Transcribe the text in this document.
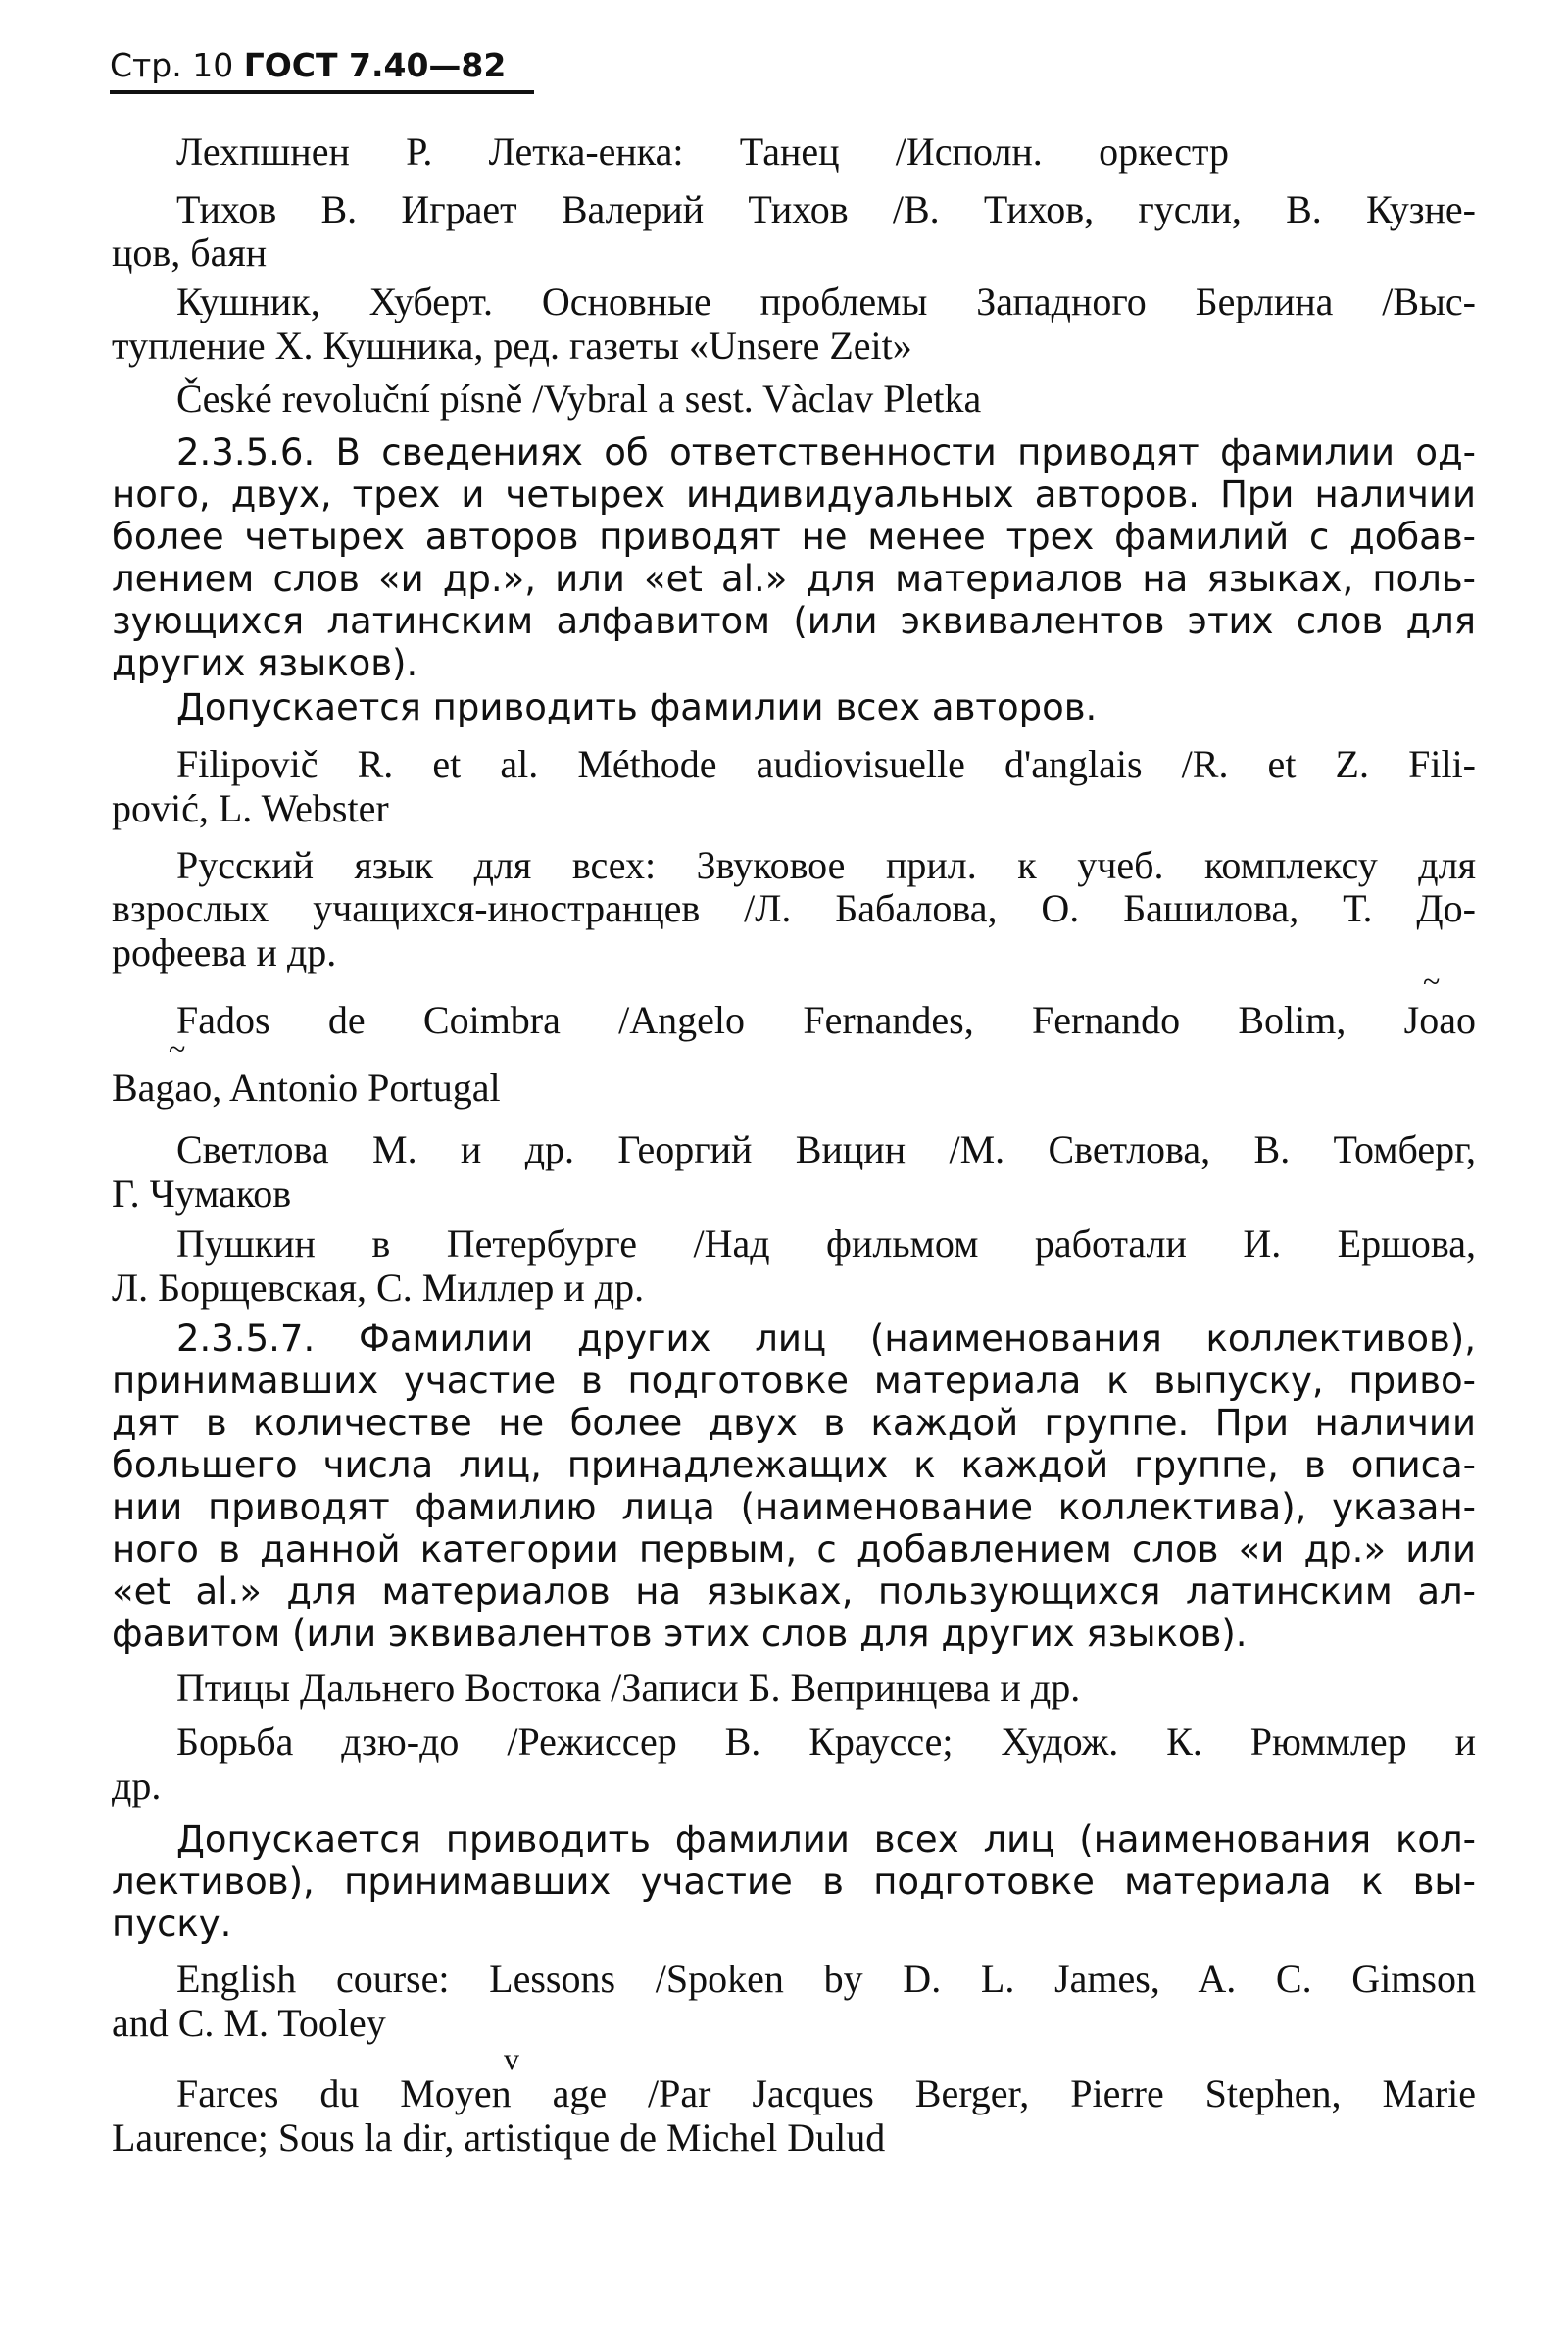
Стр. 10 ГОСТ 7.40—82
Лехпшнен Р. Летка-енка: Танец /Исполн. оркестр
Тихов В. Играет Валерий Тихов /В. Тихов, гусли, В. Кузне-
цов, баян
Кушник, Хуберт. Основные проблемы Западного Берлина /Выс-
тупление X. Кушника, ред. газеты «Unsere Zeit»
České revoluční písně /Vybral a sest. Vàclav Pletka
2.3.5.6. В сведениях об ответственности приводят фамилии од-
ного, двух, трех и четырех индивидуальных авторов. При наличии
более четырех авторов приводят не менее трех фамилий с добав-
лением слов «и др.», или «et al.» для материалов на языках, поль-
зующихся латинским алфавитом (или эквивалентов этих слов для
других языков).
Допускается приводить фамилии всех авторов.
Filipovič R. et al. Méthode audiovisuelle d'anglais /R. et Z. Fili-
pović, L. Webster
Русский язык для всех: Звуковое прил. к учеб. комплексу для
взрослых учащихся-иностранцев /Л. Бабалова, О. Башилова, Т. До-
рофеева и др.
~
Fados de Coimbra /Angelo Fernandes, Fernando Bolim, Joao
~
Bagao, Antonio Portugal
Светлова М. и др. Георгий Вицин /М. Светлова, В. Томберг,
Г. Чумаков
Пушкин в Петербурге /Над фильмом работали И. Ершова,
Л. Борщевская, С. Миллер и др.
2.3.5.7. Фамилии других лиц (наименования коллективов),
принимавших участие в подготовке материала к выпуску, приво-
дят в количестве не более двух в каждой группе. При наличии
большего числа лиц, принадлежащих к каждой группе, в описа-
нии приводят фамилию лица (наименование коллектива), указан-
ного в данной категории первым, с добавлением слов «и др.» или
«et al.» для материалов на языках, пользующихся латинским ал-
фавитом (или эквивалентов этих слов для других языков).
Птицы Дальнего Востока /Записи Б. Вепринцева и др.
Борьба дзю-до /Режиссер В. Крауссе; Худож. К. Рюммлер и
др.
Допускается приводить фамилии всех лиц (наименования кол-
лективов), принимавших участие в подготовке материала к вы-
пуску.
English course: Lessons /Spoken by D. L. James, A. C. Gimson
and C. M. Tooley
v
Farces du Moyen age /Par Jacques Berger, Pierre Stephen, Marie
Laurence; Sous la dir, artistique de Michel Dulud
